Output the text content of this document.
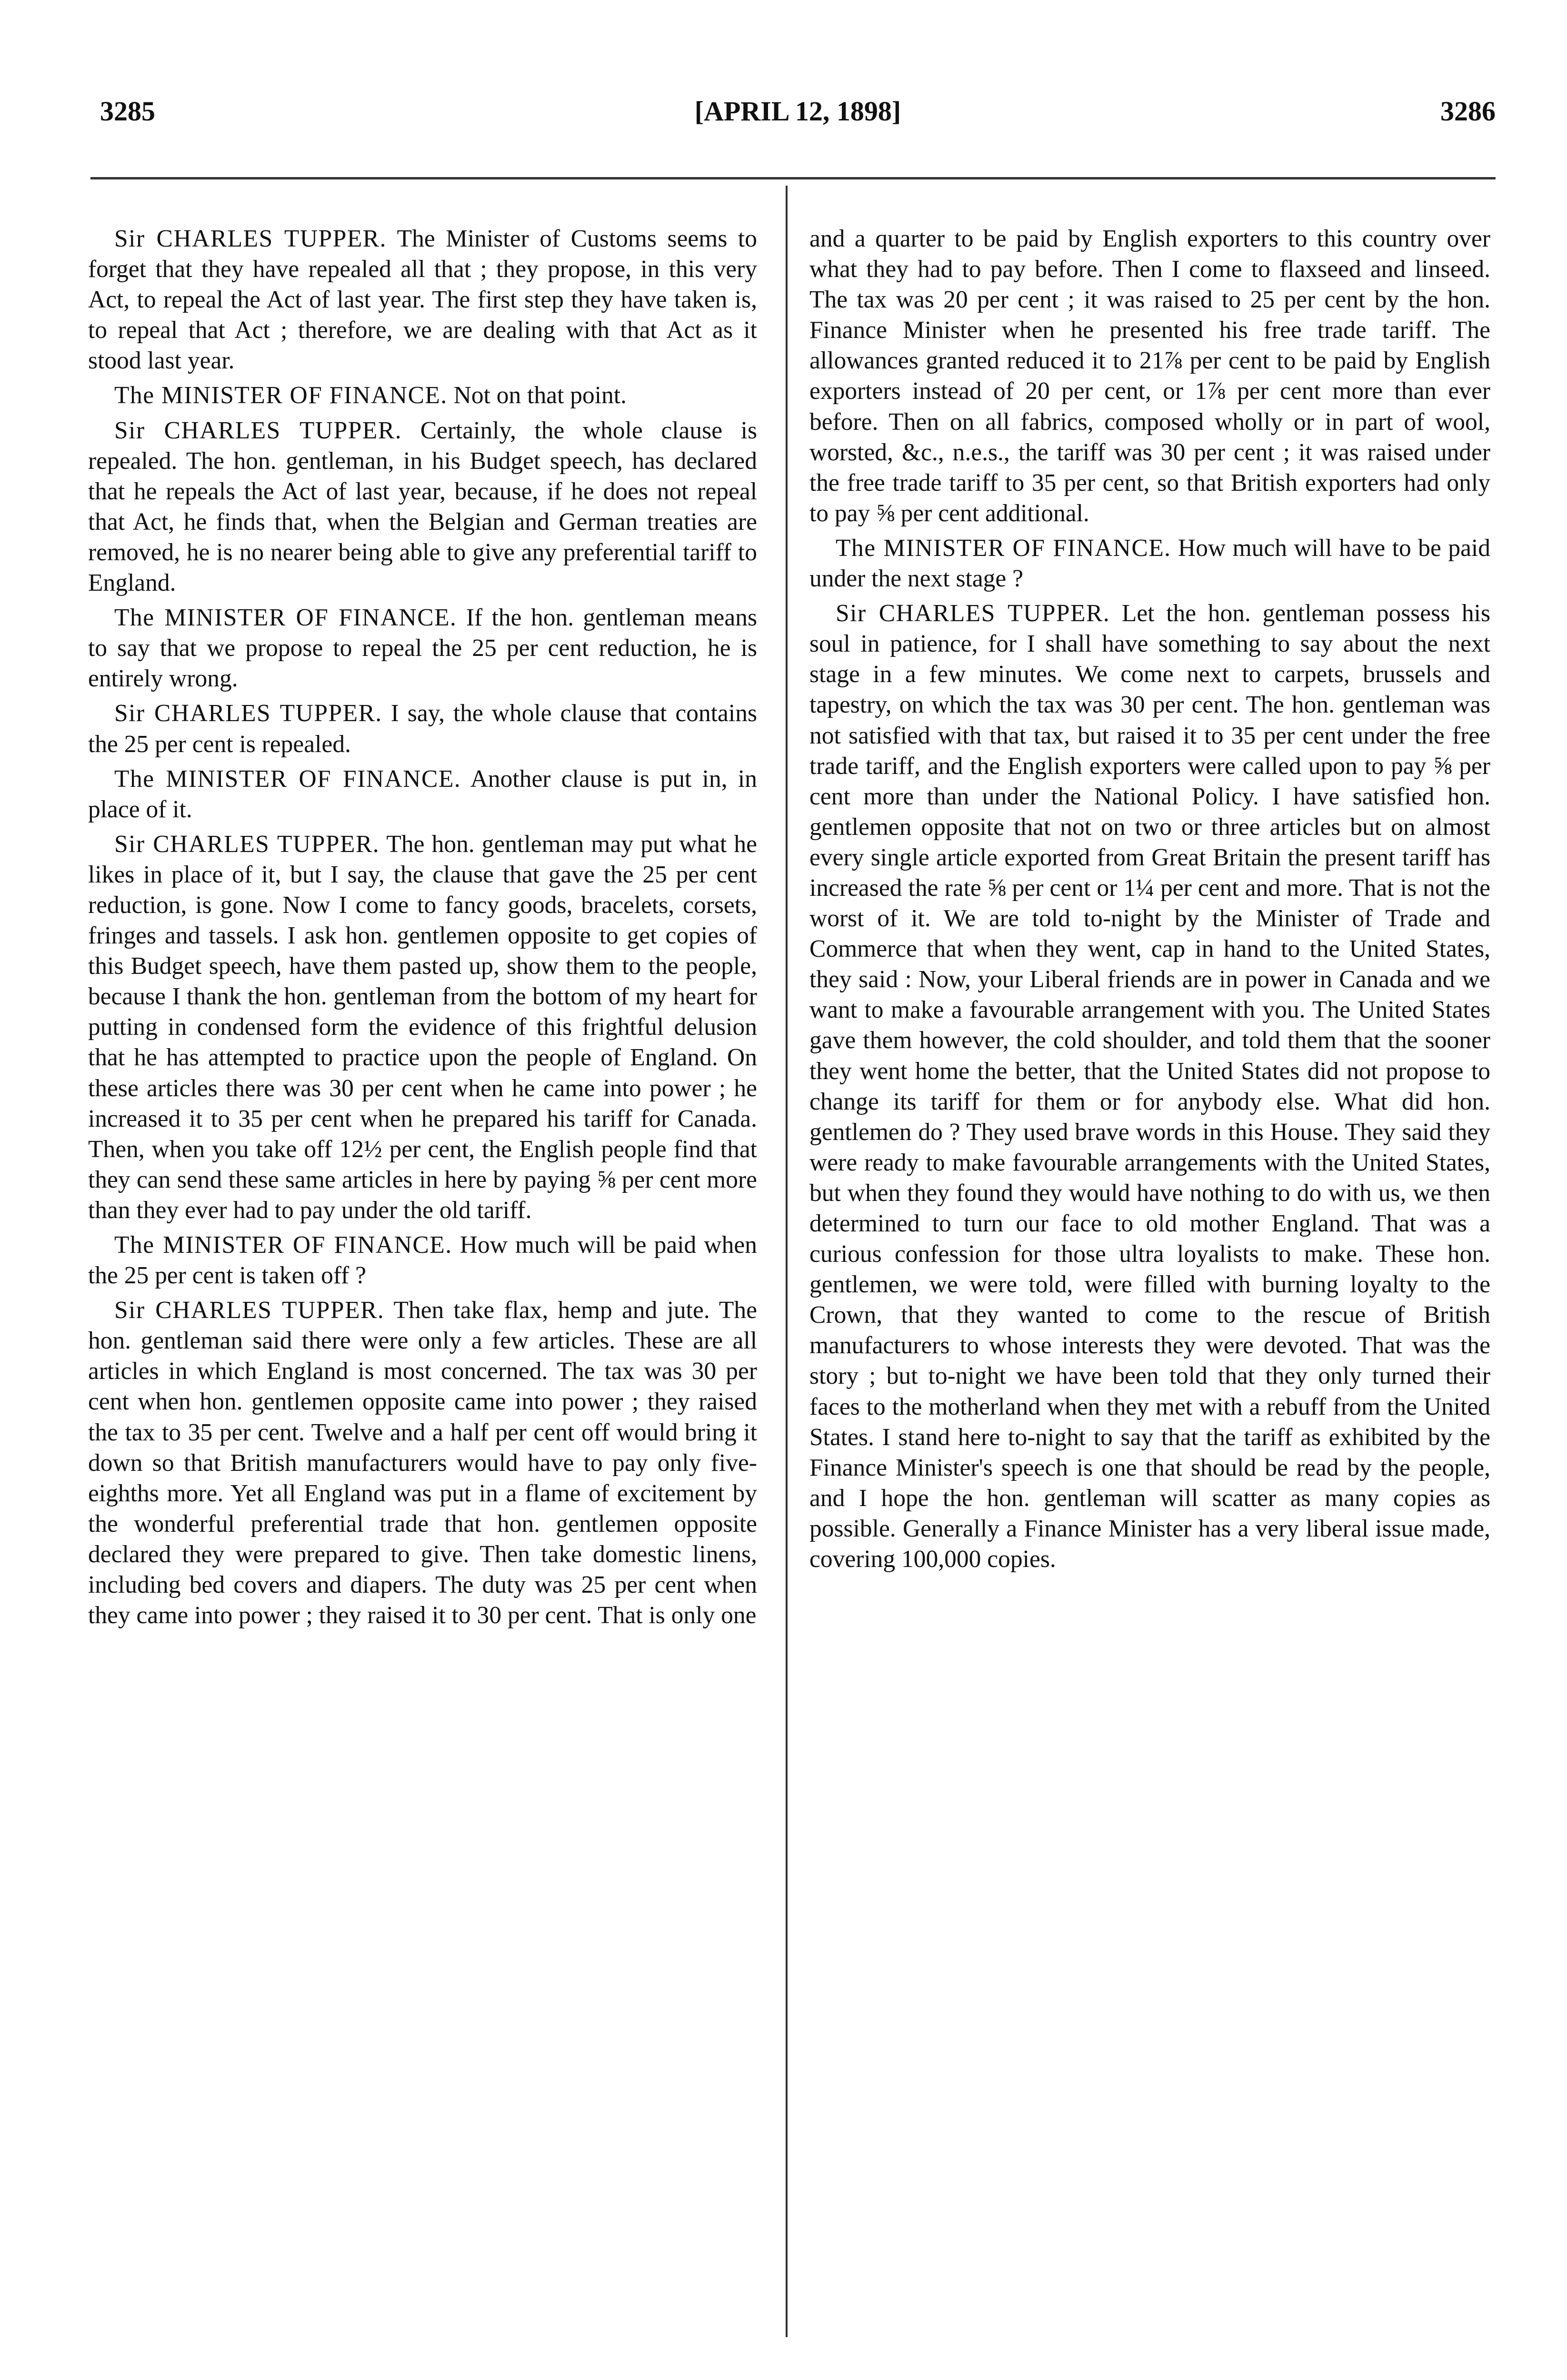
3285	[APRIL 12, 1898]	3286

Sir CHARLES TUPPER. The Minister of Customs seems to forget that they have repealed all that ; they propose, in this very Act, to repeal the Act of last year. The first step they have taken is, to repeal that Act ; therefore, we are dealing with that Act as it stood last year.

The MINISTER OF FINANCE. Not on that point.

Sir CHARLES TUPPER. Certainly, the whole clause is repealed. The hon. gentleman, in his Budget speech, has declared that he repeals the Act of last year, because, if he does not repeal that Act, he finds that, when the Belgian and German treaties are removed, he is no nearer being able to give any preferential tariff to England.

The MINISTER OF FINANCE. If the hon. gentleman means to say that we propose to repeal the 25 per cent reduction, he is entirely wrong.

Sir CHARLES TUPPER. I say, the whole clause that contains the 25 per cent is repealed.

The MINISTER OF FINANCE. Another clause is put in, in place of it.

Sir CHARLES TUPPER. The hon. gentleman may put what he likes in place of it, but I say, the clause that gave the 25 per cent reduction, is gone. Now I come to fancy goods, bracelets, corsets, fringes and tassels. I ask hon. gentlemen opposite to get copies of this Budget speech, have them pasted up, show them to the people, because I thank the hon. gentleman from the bottom of my heart for putting in condensed form the evidence of this frightful delusion that he has attempted to practice upon the people of England. On these articles there was 30 per cent when he came into power ; he increased it to 35 per cent when he prepared his tariff for Canada. Then, when you take off 12½ per cent, the English people find that they can send these same articles in here by paying ⅝ per cent more than they ever had to pay under the old tariff.

The MINISTER OF FINANCE. How much will be paid when the 25 per cent is taken off ?

Sir CHARLES TUPPER. Then take flax, hemp and jute. The hon. gentleman said there were only a few articles. These are all articles in which England is most concerned. The tax was 30 per cent when hon. gentlemen opposite came into power ; they raised the tax to 35 per cent. Twelve and a half per cent off would bring it down so that British manufacturers would have to pay only five-eighths more. Yet all England was put in a flame of excitement by the wonderful preferential trade that hon. gentlemen opposite declared they were prepared to give. Then take domestic linens, including bed covers and diapers. The duty was 25 per cent when they came into power ; they raised it to 30 per cent. That is only one

and a quarter to be paid by English exporters to this country over what they had to pay before. Then I come to flaxseed and linseed. The tax was 20 per cent ; it was raised to 25 per cent by the hon. Finance Minister when he presented his free trade tariff. The allowances granted reduced it to 21⅞ per cent to be paid by English exporters instead of 20 per cent, or 1⅞ per cent more than ever before. Then on all fabrics, composed wholly or in part of wool, worsted, &c., n.e.s., the tariff was 30 per cent ; it was raised under the free trade tariff to 35 per cent, so that British exporters had only to pay ⅝ per cent additional.

The MINISTER OF FINANCE. How much will have to be paid under the next stage ?

Sir CHARLES TUPPER. Let the hon. gentleman possess his soul in patience, for I shall have something to say about the next stage in a few minutes. We come next to carpets, brussels and tapestry, on which the tax was 30 per cent. The hon. gentleman was not satisfied with that tax, but raised it to 35 per cent under the free trade tariff, and the English exporters were called upon to pay ⅝ per cent more than under the National Policy. I have satisfied hon. gentlemen opposite that not on two or three articles but on almost every single article exported from Great Britain the present tariff has increased the rate ⅝ per cent or 1¼ per cent and more. That is not the worst of it. We are told to-night by the Minister of Trade and Commerce that when they went, cap in hand to the United States, they said : Now, your Liberal friends are in power in Canada and we want to make a favourable arrangement with you. The United States gave them however, the cold shoulder, and told them that the sooner they went home the better, that the United States did not propose to change its tariff for them or for anybody else. What did hon. gentlemen do ? They used brave words in this House. They said they were ready to make favourable arrangements with the United States, but when they found they would have nothing to do with us, we then determined to turn our face to old mother England. That was a curious confession for those ultra loyalists to make. These hon. gentlemen, we were told, were filled with burning loyalty to the Crown, that they wanted to come to the rescue of British manufacturers to whose interests they were devoted. That was the story ; but to-night we have been told that they only turned their faces to the motherland when they met with a rebuff from the United States. I stand here to-night to say that the tariff as exhibited by the Finance Minister's speech is one that should be read by the people, and I hope the hon. gentleman will scatter as many copies as possible. Generally a Finance Minister has a very liberal issue made, covering 100,000 copies.
